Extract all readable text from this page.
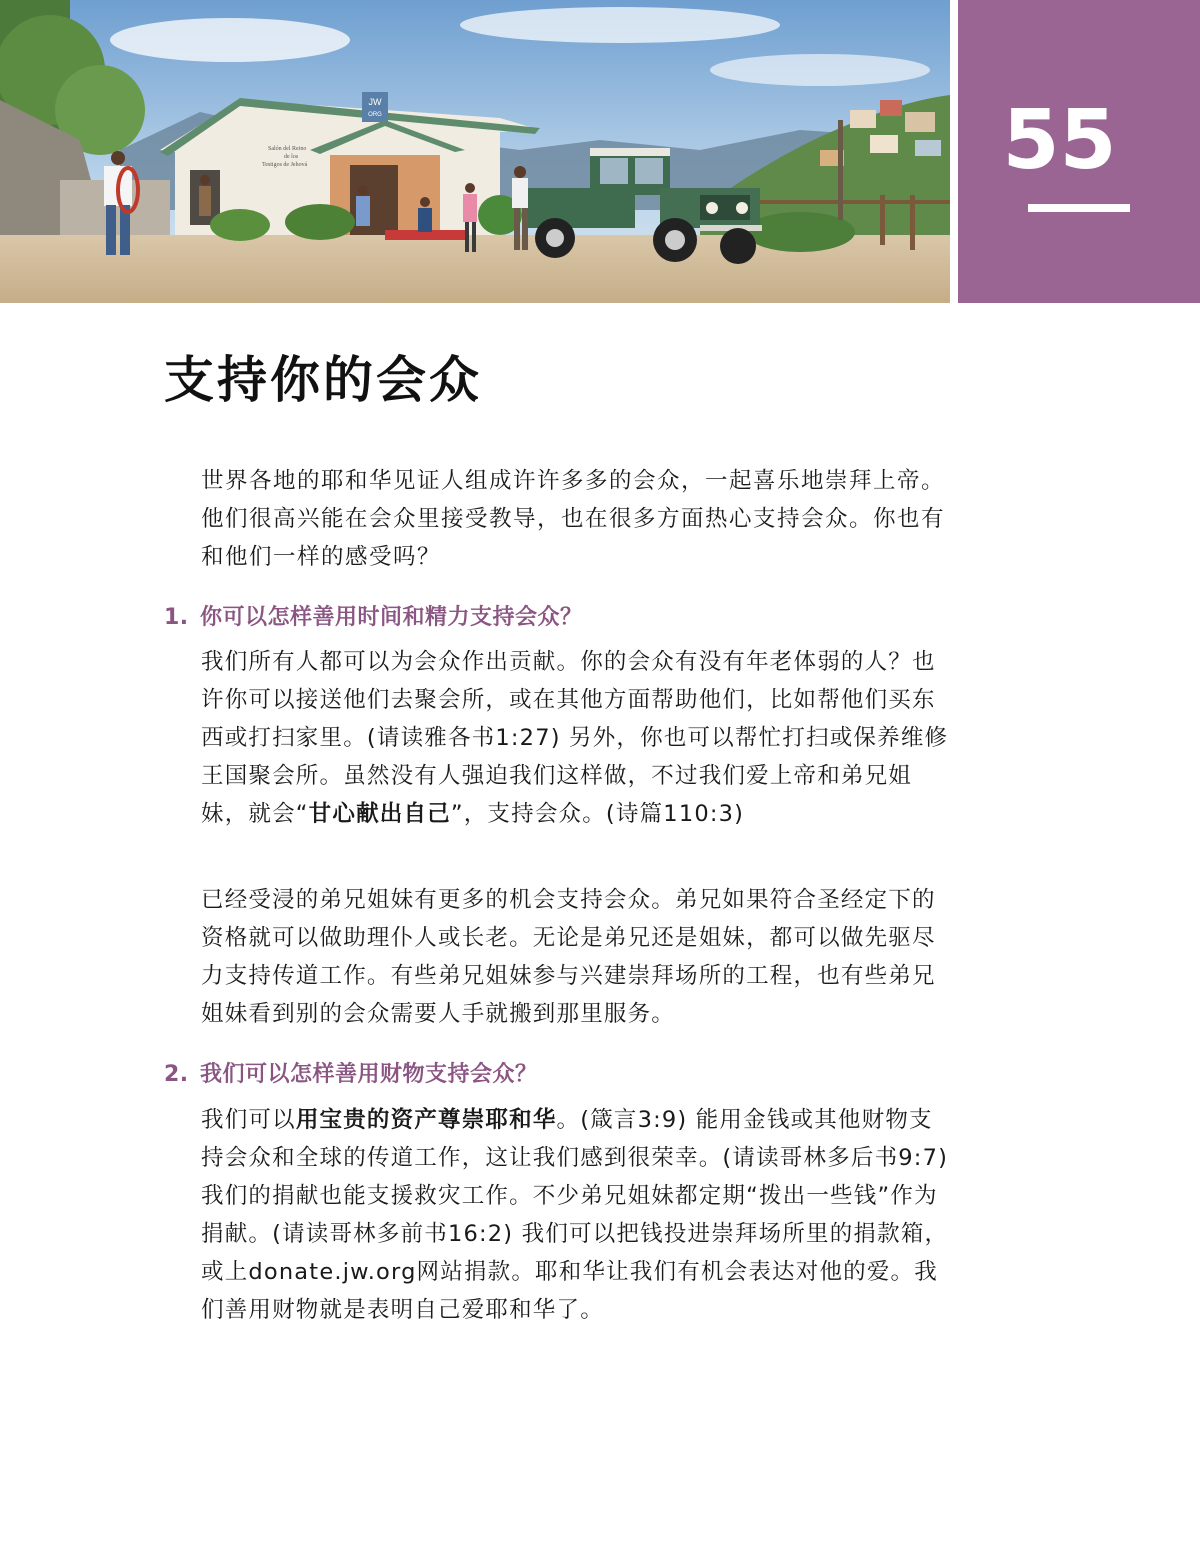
JW
ORG
Salón del Reino
de los
Testigos de Jehová	55
支持你的会众

世界各地的耶和华见证人组成许许多多的会众，一起喜乐地崇拜上帝。他们很高兴能在会众里接受教导，也在很多方面热心支持会众。你也有和他们一样的感受吗？

1. 你可以怎样善用时间和精力支持会众？

我们所有人都可以为会众作出贡献。你的会众有没有年老体弱的人？也许你可以接送他们去聚会所，或在其他方面帮助他们，比如帮他们买东西或打扫家里。(请读雅各书1:27) 另外，你也可以帮忙打扫或保养维修王国聚会所。虽然没有人强迫我们这样做，不过我们爱上帝和弟兄姐妹，就会“甘心献出自己”，支持会众。(诗篇110:3)

已经受浸的弟兄姐妹有更多的机会支持会众。弟兄如果符合圣经定下的资格就可以做助理仆人或长老。无论是弟兄还是姐妹，都可以做先驱尽力支持传道工作。有些弟兄姐妹参与兴建崇拜场所的工程，也有些弟兄姐妹看到别的会众需要人手就搬到那里服务。

2. 我们可以怎样善用财物支持会众？

我们可以用宝贵的资产尊崇耶和华。(箴言3:9) 能用金钱或其他财物支持会众和全球的传道工作，这让我们感到很荣幸。(请读哥林多后书9:7) 我们的捐献也能支援救灾工作。不少弟兄姐妹都定期“拨出一些钱”作为捐献。(请读哥林多前书16:2) 我们可以把钱投进崇拜场所里的捐款箱，或上donate.jw.org网站捐款。耶和华让我们有机会表达对他的爱。我们善用财物就是表明自己爱耶和华了。
